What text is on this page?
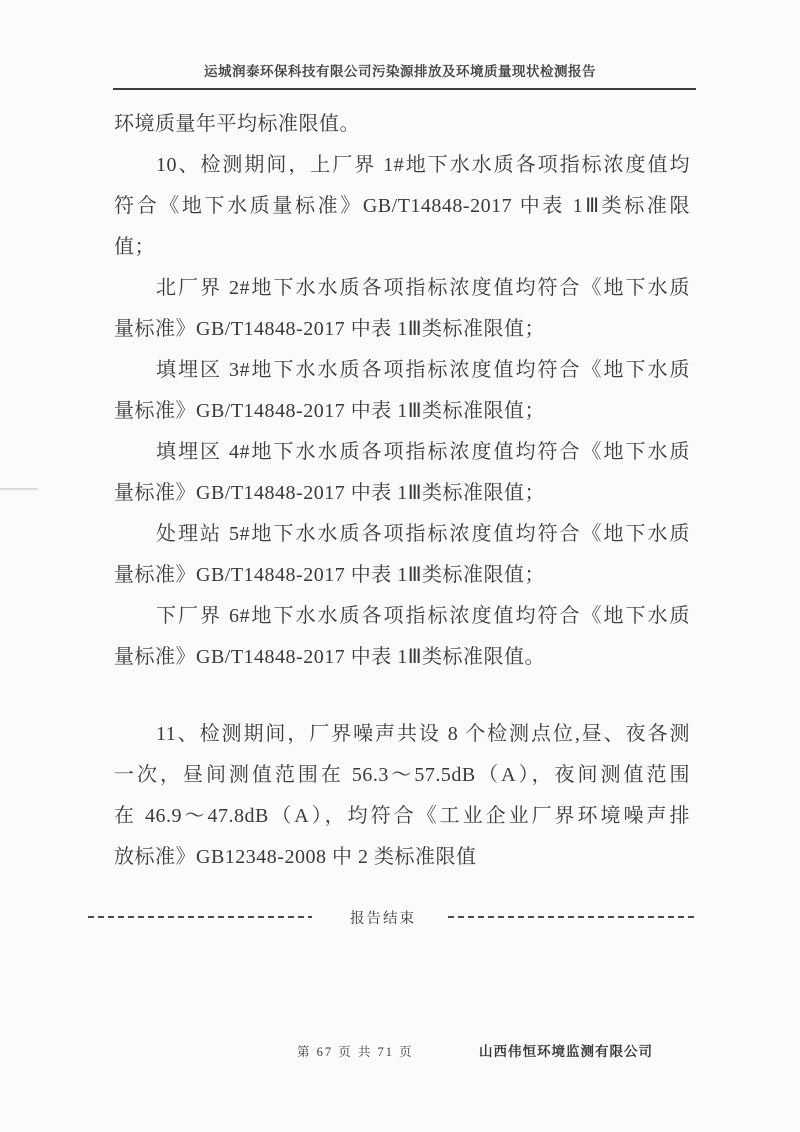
运城润泰环保科技有限公司污染源排放及环境质量现状检测报告
环境质量年平均标准限值。
10、检测期间，上厂界 1#地下水水质各项指标浓度值均
符合《地下水质量标准》GB/T14848-2017 中表 1Ⅲ类标准限
值；
北厂界 2#地下水水质各项指标浓度值均符合《地下水质
量标准》GB/T14848-2017 中表 1Ⅲ类标准限值；
填埋区 3#地下水水质各项指标浓度值均符合《地下水质
量标准》GB/T14848-2017 中表 1Ⅲ类标准限值；
填埋区 4#地下水水质各项指标浓度值均符合《地下水质
量标准》GB/T14848-2017 中表 1Ⅲ类标准限值；
处理站 5#地下水水质各项指标浓度值均符合《地下水质
量标准》GB/T14848-2017 中表 1Ⅲ类标准限值；
下厂界 6#地下水水质各项指标浓度值均符合《地下水质
量标准》GB/T14848-2017 中表 1Ⅲ类标准限值。
11、检测期间，厂界噪声共设 8 个检测点位,昼、夜各测
一次，昼间测值范围在 56.3～57.5dB（A），夜间测值范围
在 46.9～47.8dB（A），均符合《工业企业厂界环境噪声排
放标准》GB12348-2008 中 2 类标准限值
报告结束
第 67 页 共 71 页	山西伟恒环境监测有限公司
